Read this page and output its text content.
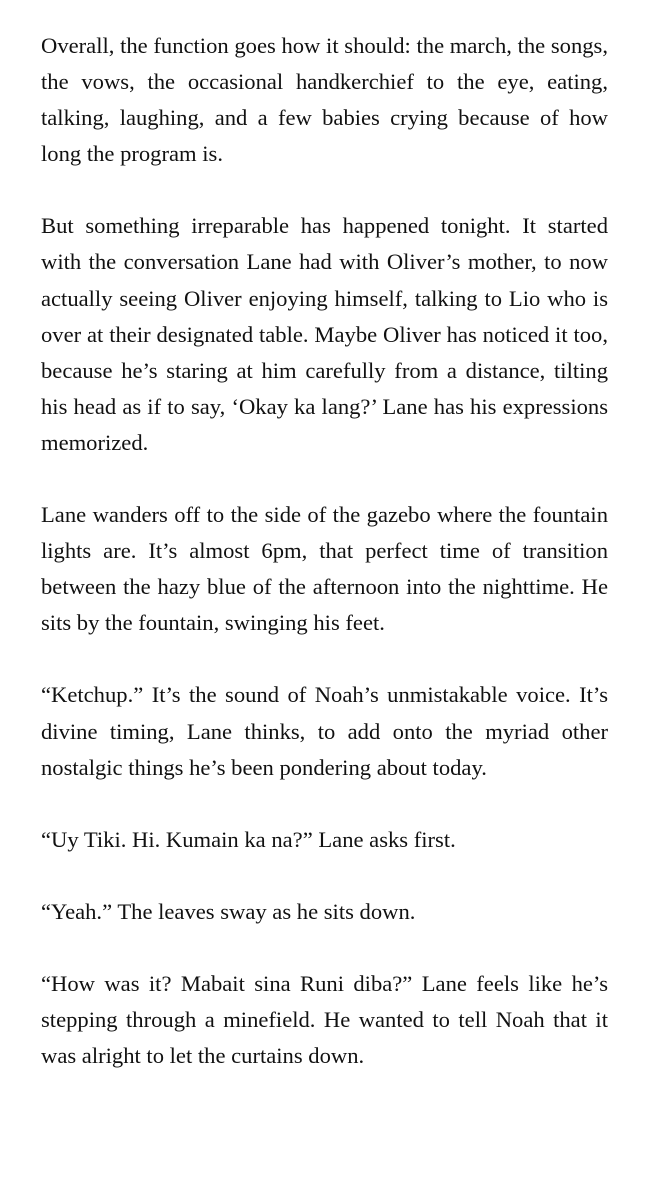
Overall, the function goes how it should: the march, the songs, the vows, the occasional handkerchief to the eye, eating, talking, laughing, and a few babies crying because of how long the program is.

But something irreparable has happened tonight. It started with the conversation Lane had with Oliver’s mother, to now actually seeing Oliver enjoying himself, talking to Lio who is over at their designated table. Maybe Oliver has noticed it too, because he’s staring at him carefully from a distance, tilting his head as if to say, ‘Okay ka lang?’ Lane has his expressions memorized.

Lane wanders off to the side of the gazebo where the fountain lights are. It’s almost 6pm, that perfect time of transition between the hazy blue of the afternoon into the nighttime. He sits by the fountain, swinging his feet.

“Ketchup.” It’s the sound of Noah’s unmistakable voice. It’s divine timing, Lane thinks, to add onto the myriad other nostalgic things he’s been pondering about today.

“Uy Tiki. Hi. Kumain ka na?” Lane asks first.

“Yeah.” The leaves sway as he sits down.

“How was it? Mabait sina Runi diba?” Lane feels like he’s stepping through a minefield. He wanted to tell Noah that it was alright to let the curtains down.
